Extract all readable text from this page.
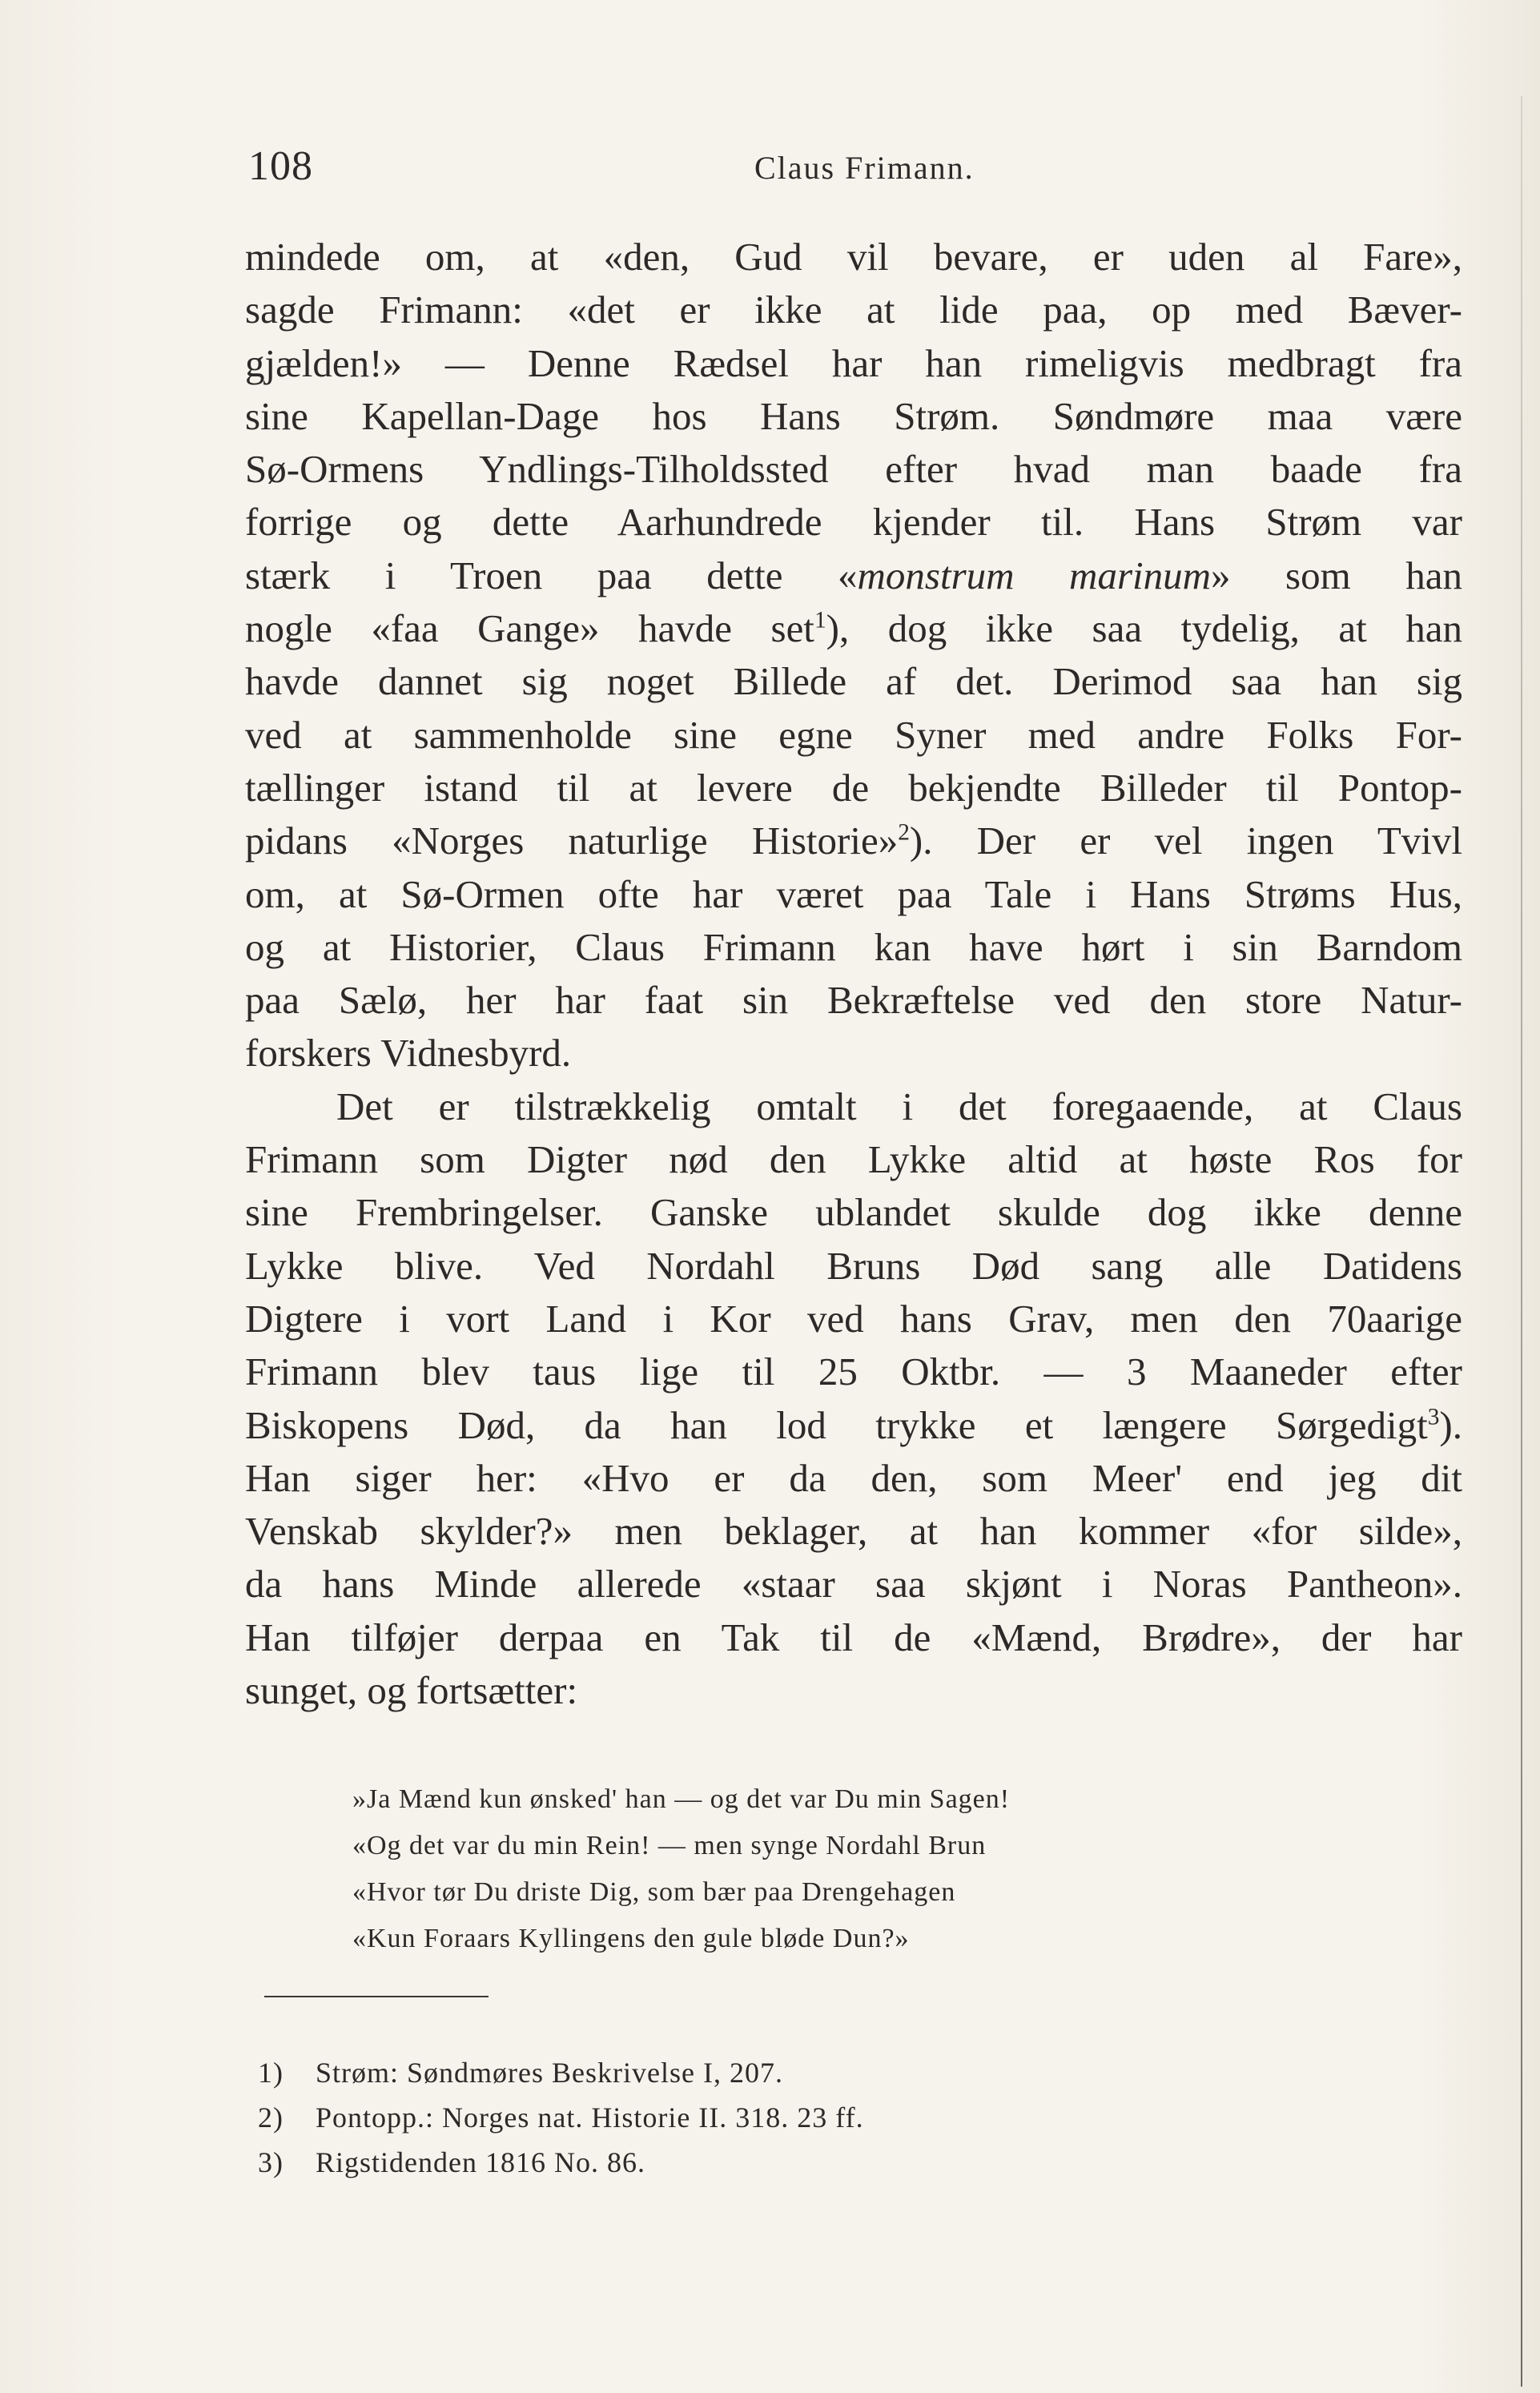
108	Claus Frimann.
mindede om, at «den, Gud vil bevare, er uden al Fare»,
sagde Frimann: «det er ikke at lide paa, op med Bæver-
gjælden!» — Denne Rædsel har han rimeligvis medbragt fra
sine Kapellan-Dage hos Hans Strøm. Søndmøre maa være
Sø-Ormens Yndlings-Tilholdssted efter hvad man baade fra
forrige og dette Aarhundrede kjender til. Hans Strøm var
stærk i Troen paa dette «monstrum marinum» som han
nogle «faa Gange» havde set$^1$), dog ikke saa tydelig, at han
havde dannet sig noget Billede af det. Derimod saa han sig
ved at sammenholde sine egne Syner med andre Folks For-
tællinger istand til at levere de bekjendte Billeder til Pontop-
pidans «Norges naturlige Historie»$^2$). Der er vel ingen Tvivl
om, at Sø-Ormen ofte har været paa Tale i Hans Strøms Hus,
og at Historier, Claus Frimann kan have hørt i sin Barndom
paa Sælø, her har faat sin Bekræftelse ved den store Natur-
forskers Vidnesbyrd.
Det er tilstrækkelig omtalt i det foregaaende, at Claus
Frimann som Digter nød den Lykke altid at høste Ros for
sine Frembringelser. Ganske ublandet skulde dog ikke denne
Lykke blive. Ved Nordahl Bruns Død sang alle Datidens
Digtere i vort Land i Kor ved hans Grav, men den 70aarige
Frimann blev taus lige til 25 Oktbr. — 3 Maaneder efter
Biskopens Død, da han lod trykke et længere Sørgedigt$^3$).
Han siger her: «Hvo er da den, som Meer' end jeg dit
Venskab skylder?» men beklager, at han kommer «for silde»,
da hans Minde allerede «staar saa skjønt i Noras Pantheon».
Han tilføjer derpaa en Tak til de «Mænd, Brødre», der har
sunget, og fortsætter:
»Ja Mænd kun ønsked' han — og det var Du min Sagen!
«Og det var du min Rein! — men synge Nordahl Brun
«Hvor tør Du driste Dig, som bær paa Drengehagen
«Kun Foraars Kyllingens den gule bløde Dun?»
1) Strøm: Søndmøres Beskrivelse I, 207.
2) Pontopp.: Norges nat. Historie II. 318. 23 ff.
3) Rigstidenden 1816 No. 86.
